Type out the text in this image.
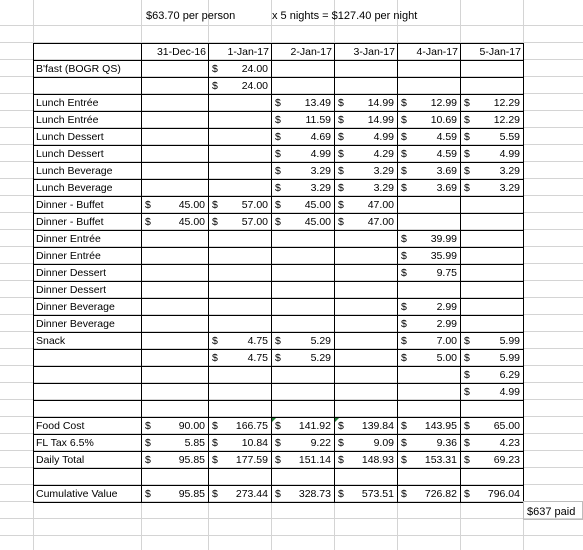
$63.70 per person	x 5 nights = $127.40 per night
	31-Dec-16	1-Jan-17	2-Jan-17	3-Jan-17	4-Jan-17	5-Jan-17
B'fast (BOGR QS)		$ 24.00				

		$ 24.00				

Lunch Entrée			$ 13.49	$ 14.99	$ 12.99	$ 12.29

Lunch Entrée			$ 11.59	$ 14.99	$ 10.69	$ 12.29

Lunch Dessert			$ 4.69	$ 4.99	$ 4.59	$ 5.59

Lunch Dessert			$ 4.99	$ 4.29	$ 4.59	$ 4.99

Lunch Beverage			$ 3.29	$ 3.29	$ 3.69	$ 3.29

Lunch Beverage			$ 3.29	$ 3.29	$ 3.69	$ 3.29

Dinner - Buffet	$ 45.00	$ 57.00	$ 45.00	$ 47.00		

Dinner - Buffet	$ 45.00	$ 57.00	$ 45.00	$ 47.00		

Dinner Entrée					$ 39.99	

Dinner Entrée					$ 35.99	

Dinner Dessert					$ 9.75	

Dinner Dessert						
Dinner Beverage					$ 2.99	

Dinner Beverage					$ 2.99	

Snack		$ 4.75	$ 5.29		$ 7.00	$ 5.99

		$ 4.75	$ 5.29		$ 5.00	$ 5.99

						$ 6.29

						$ 4.99

Food Cost	$ 90.00	$ 166.75	$ 141.92	$ 139.84	$ 143.95	$ 65.00

FL Tax 6.5%	$ 5.85	$ 10.84	$ 9.22	$ 9.09	$ 9.36	$ 4.23

Daily Total	$ 95.85	$ 177.59	$ 151.14	$ 148.93	$ 153.31	$ 69.23

Cumulative Value	$ 95.85	$ 273.44	$ 328.73	$ 573.51	$ 726.82	$ 796.04
$637 paid
